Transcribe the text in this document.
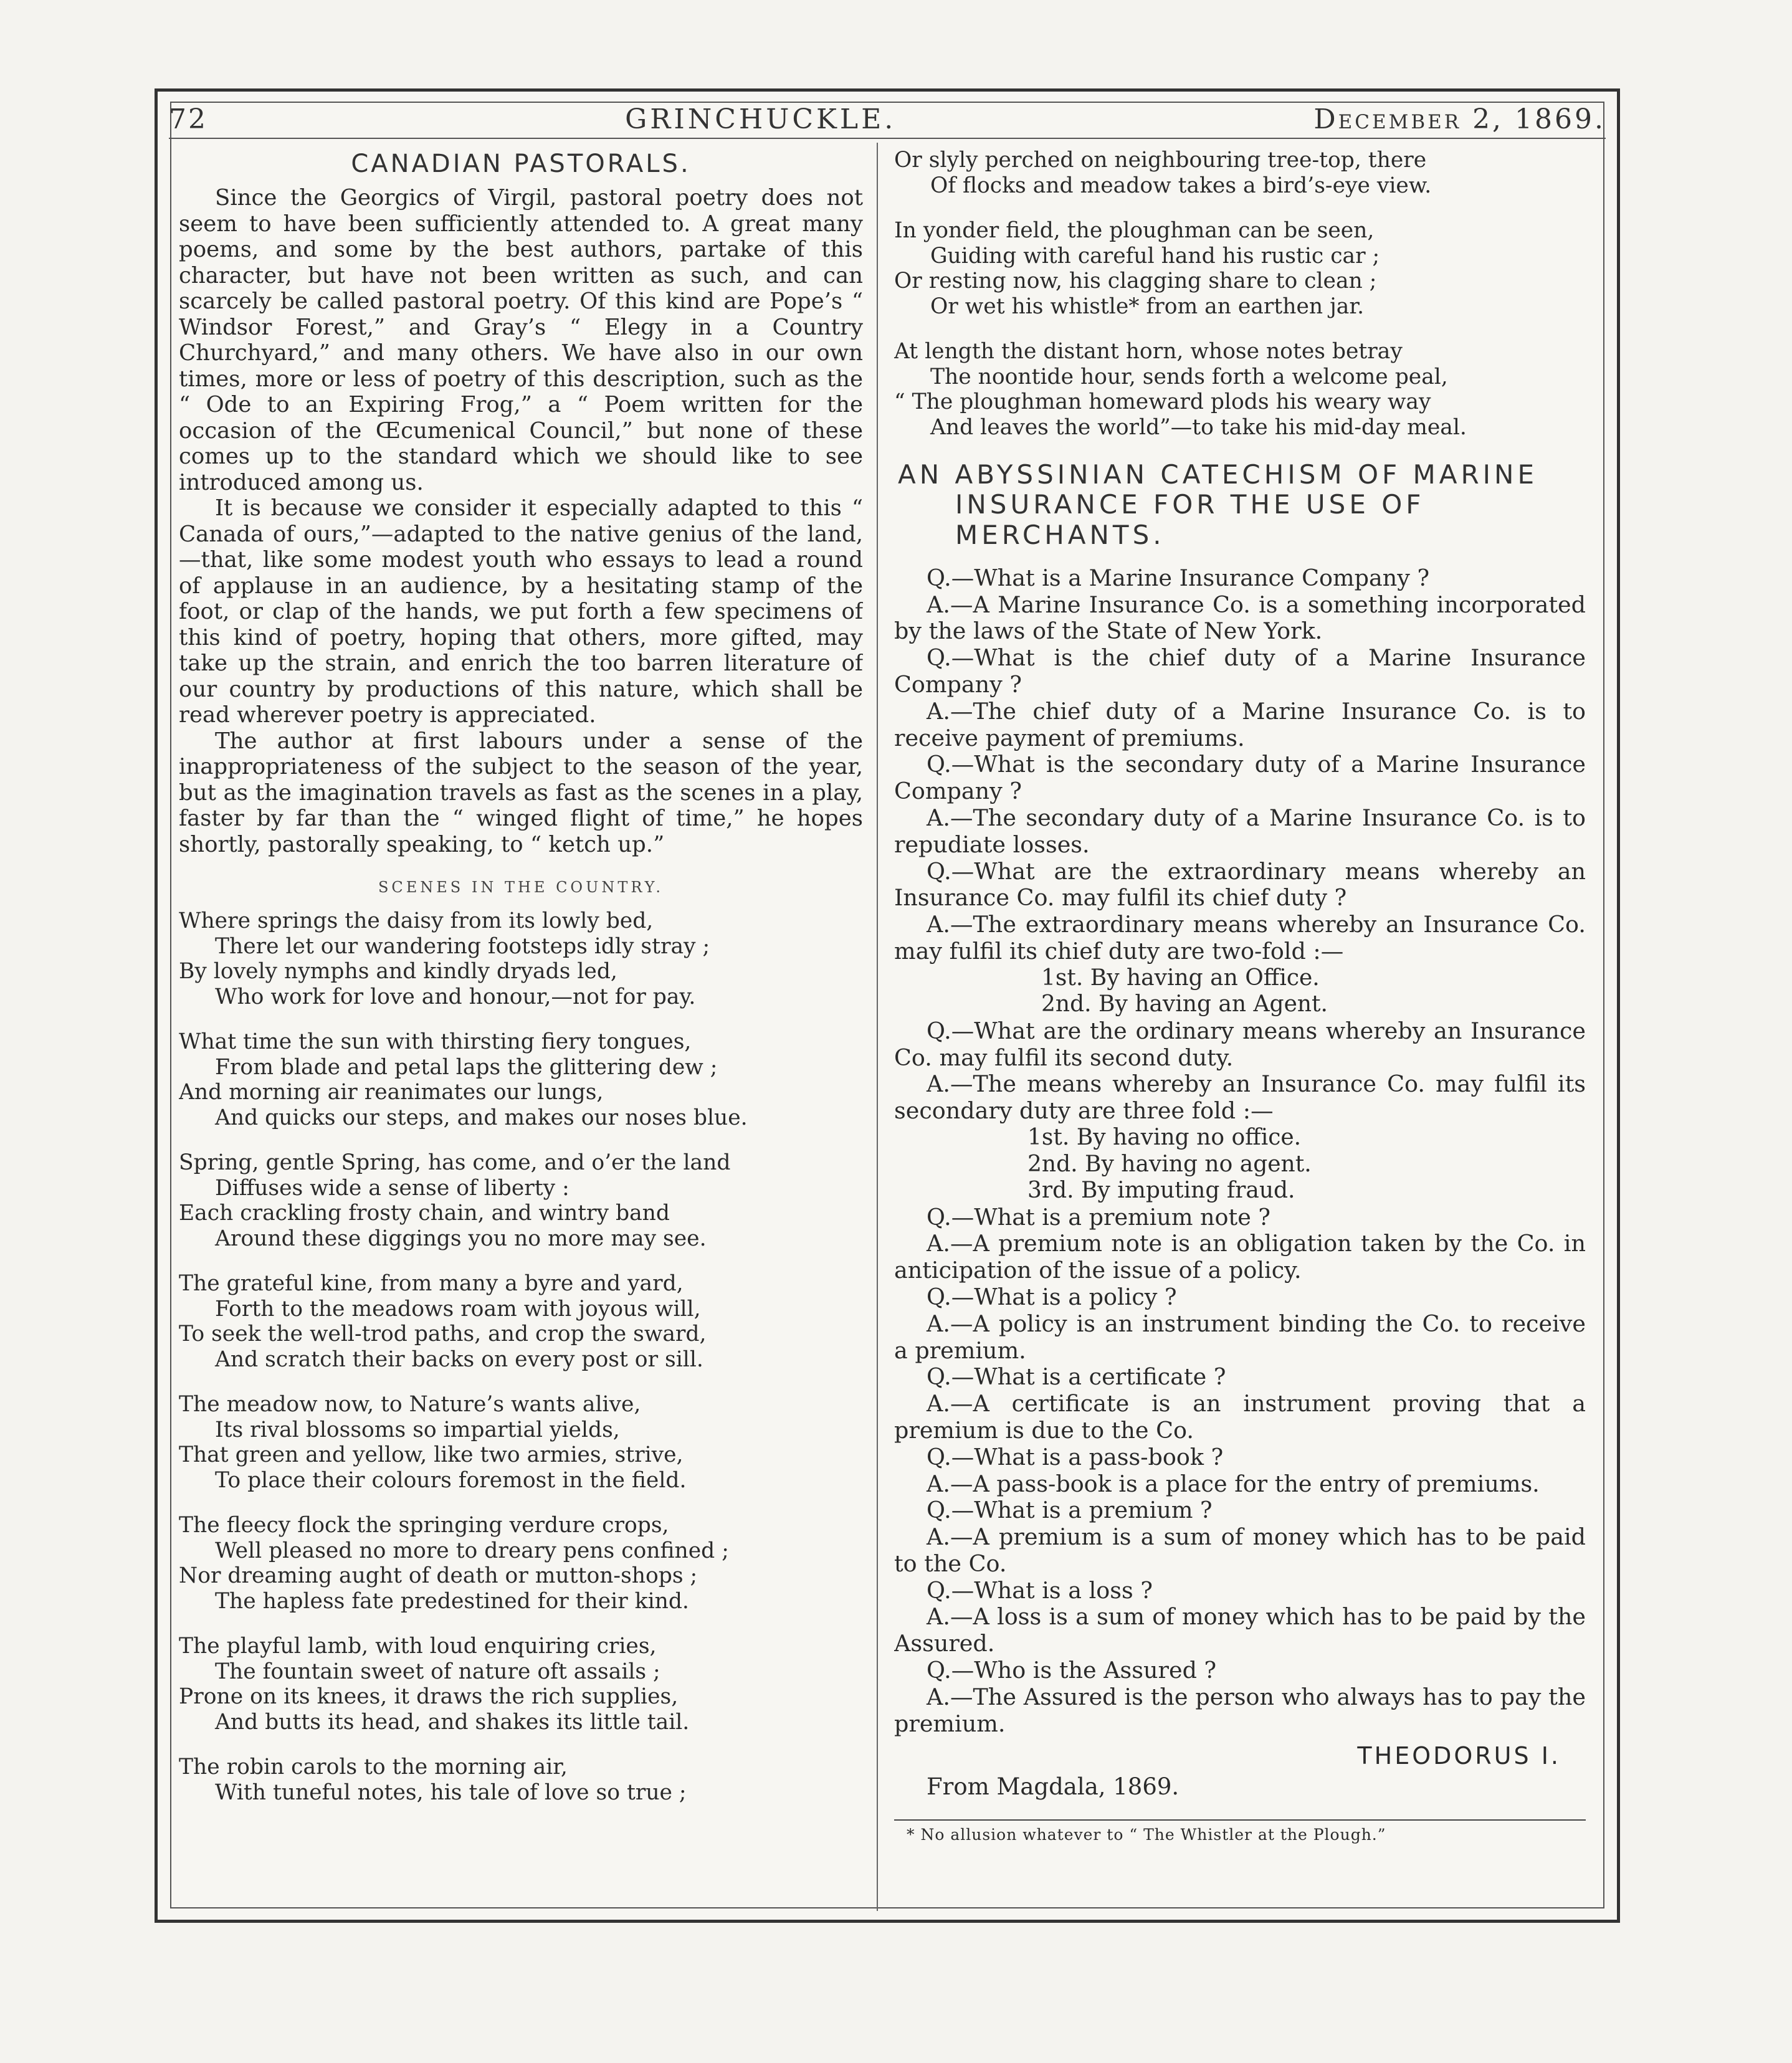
72	GRINCHUCKLE.	December 2, 1869.
CANADIAN PASTORALS.

Since the Georgics of Virgil, pastoral poetry does not seem to have been sufficiently attended to. A great many poems, and some by the best authors, partake of this character, but have not been written as such, and can scarcely be called pastoral poetry. Of this kind are Pope’s “ Windsor Forest,” and Gray’s “ Elegy in a Country Churchyard,” and many others. We have also in our own times, more or less of poetry of this description, such as the “ Ode to an Expiring Frog,” a “ Poem written for the occasion of the Œcumenical Council,” but none of these comes up to the standard which we should like to see introduced among us.

It is because we consider it especially adapted to this “ Canada of ours,”—adapted to the native genius of the land,—that, like some modest youth who essays to lead a round of applause in an audience, by a hesitating stamp of the foot, or clap of the hands, we put forth a few specimens of this kind of poetry, hoping that others, more gifted, may take up the strain, and enrich the too barren literature of our country by productions of this nature, which shall be read wherever poetry is appreciated.

The author at first labours under a sense of the inappropriateness of the subject to the season of the year, but as the imagination travels as fast as the scenes in a play, faster by far than the “ winged flight of time,” he hopes shortly, pastorally speaking, to “ ketch up.”

SCENES IN THE COUNTRY.

Where springs the daisy from its lowly bed,

There let our wandering footsteps idly stray ;

By lovely nymphs and kindly dryads led,

Who work for love and honour,—not for pay.

What time the sun with thirsting fiery tongues,

From blade and petal laps the glittering dew ;

And morning air reanimates our lungs,

And quicks our steps, and makes our noses blue.

Spring, gentle Spring, has come, and o’er the land

Diffuses wide a sense of liberty :

Each crackling frosty chain, and wintry band

Around these diggings you no more may see.

The grateful kine, from many a byre and yard,

Forth to the meadows roam with joyous will,

To seek the well-trod paths, and crop the sward,

And scratch their backs on every post or sill.

The meadow now, to Nature’s wants alive,

Its rival blossoms so impartial yields,

That green and yellow, like two armies, strive,

To place their colours foremost in the field.

The fleecy flock the springing verdure crops,

Well pleased no more to dreary pens confined ;

Nor dreaming aught of death or mutton-shops ;

The hapless fate predestined for their kind.

The playful lamb, with loud enquiring cries,

The fountain sweet of nature oft assails ;

Prone on its knees, it draws the rich supplies,

And butts its head, and shakes its little tail.

The robin carols to the morning air,

With tuneful notes, his tale of love so true ;

Or slyly perched on neighbouring tree-top, there

Of flocks and meadow takes a bird’s-eye view.

In yonder field, the ploughman can be seen,

Guiding with careful hand his rustic car ;

Or resting now, his clagging share to clean ;

Or wet his whistle* from an earthen jar.

At length the distant horn, whose notes betray

The noontide hour, sends forth a welcome peal,

“ The ploughman homeward plods his weary way

And leaves the world”—to take his mid-day meal.

AN ABYSSINIAN CATECHISM OF MARINE
INSURANCE FOR THE USE OF MERCHANTS.

Q.—What is a Marine Insurance Company ?

A.—A Marine Insurance Co. is a something incorporated by the laws of the State of New York.

Q.—What is the chief duty of a Marine Insurance Company ?

A.—The chief duty of a Marine Insurance Co. is to receive payment of premiums.

Q.—What is the secondary duty of a Marine Insurance Company ?

A.—The secondary duty of a Marine Insurance Co. is to repudiate losses.

Q.—What are the extraordinary means whereby an Insurance Co. may fulfil its chief duty ?

A.—The extraordinary means whereby an Insurance Co. may fulfil its chief duty are two-fold :—

1st. By having an Office.

2nd. By having an Agent.

Q.—What are the ordinary means whereby an Insurance Co. may fulfil its second duty.

A.—The means whereby an Insurance Co. may fulfil its secondary duty are three fold :—

1st. By having no office.

2nd. By having no agent.

3rd. By imputing fraud.

Q.—What is a premium note ?

A.—A premium note is an obligation taken by the Co. in anticipation of the issue of a policy.

Q.—What is a policy ?

A.—A policy is an instrument binding the Co. to receive a premium.

Q.—What is a certificate ?

A.—A certificate is an instrument proving that a premium is due to the Co.

Q.—What is a pass-book ?

A.—A pass-book is a place for the entry of premiums.

Q.—What is a premium ?

A.—A premium is a sum of money which has to be paid to the Co.

Q.—What is a loss ?

A.—A loss is a sum of money which has to be paid by the Assured.

Q.—Who is the Assured ?

A.—The Assured is the person who always has to pay the premium.

THEODORUS I.
From Magdala, 1869.

* No allusion whatever to “ The Whistler at the Plough.”
